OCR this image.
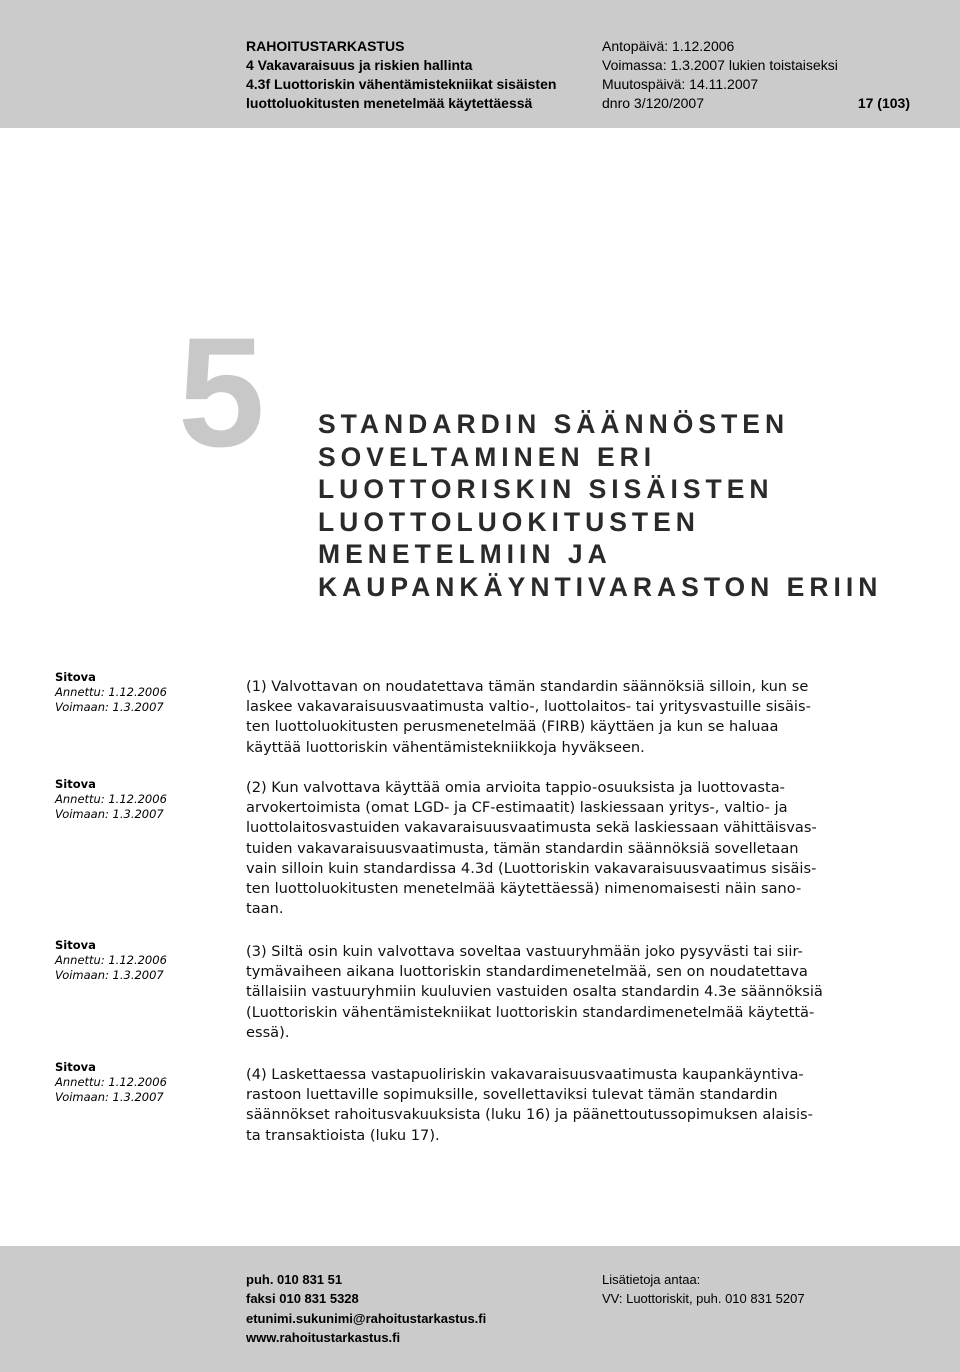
RAHOITUSTARKASTUS
4 Vakavaraisuus ja riskien hallinta
4.3f Luottoriskin vähentämistekniikat sisäisten
luottoluokitusten menetelmää käytettäessä
Antopäivä: 1.12.2006
Voimassa: 1.3.2007 lukien toistaiseksi
Muutospäivä: 14.11.2007
dnro 3/120/2007	17 (103)
5 STANDARDIN SÄÄNNÖSTEN
SOVELTAMINEN ERI
LUOTTORISKIN SISÄISTEN
LUOTTOLUOKITUSTEN
MENETELMIIN JA
KAUPANKÄYNTIVARASTON ERIIN
Sitova
Annettu: 1.12.2006
Voimaan: 1.3.2007
(1) Valvottavan on noudatettava tämän standardin säännöksiä silloin, kun se
laskee vakavaraisuusvaatimusta valtio-, luottolaitos- tai yritysvastuille sisäis-
ten luottoluokitusten perusmenetelmää (FIRB) käyttäen ja kun se haluaa
käyttää luottoriskin vähentämistekniikkoja hyväkseen.
Sitova
Annettu: 1.12.2006
Voimaan: 1.3.2007
(2) Kun valvottava käyttää omia arvioita tappio-osuuksista ja luottovasta-
arvokertoimista (omat LGD- ja CF-estimaatit) laskiessaan yritys-, valtio- ja
luottolaitosvastuiden vakavaraisuusvaatimusta sekä laskiessaan vähittäisvas-
tuiden vakavaraisuusvaatimusta, tämän standardin säännöksiä sovelletaan
vain silloin kuin standardissa 4.3d (Luottoriskin vakavaraisuusvaatimus sisäis-
ten luottoluokitusten menetelmää käytettäessä) nimenomaisesti näin sano-
taan.
Sitova
Annettu: 1.12.2006
Voimaan: 1.3.2007
(3) Siltä osin kuin valvottava soveltaa vastuuryhmään joko pysyvästi tai siir-
tymävaiheen aikana luottoriskin standardimenetelmää, sen on noudatettava
tällaisiin vastuuryhmiin kuuluvien vastuiden osalta standardin 4.3e säännöksiä
(Luottoriskin vähentämistekniikat luottoriskin standardimenetelmää käytettä-
essä).
Sitova
Annettu: 1.12.2006
Voimaan: 1.3.2007
(4) Laskettaessa vastapuoliriskin vakavaraisuusvaatimusta kaupankäyntiva-
rastoon luettaville sopimuksille, sovellettaviksi tulevat tämän standardin
säännökset rahoitusvakuuksista (luku 16) ja päänettoutussopimuksen alaisis-
ta transaktioista (luku 17).
puh. 010 831 51
faksi 010 831 5328
etunimi.sukunimi@rahoitustarkastus.fi
www.rahoitustarkastus.fi
Lisätietoja antaa:
VV: Luottoriskit, puh. 010 831 5207
